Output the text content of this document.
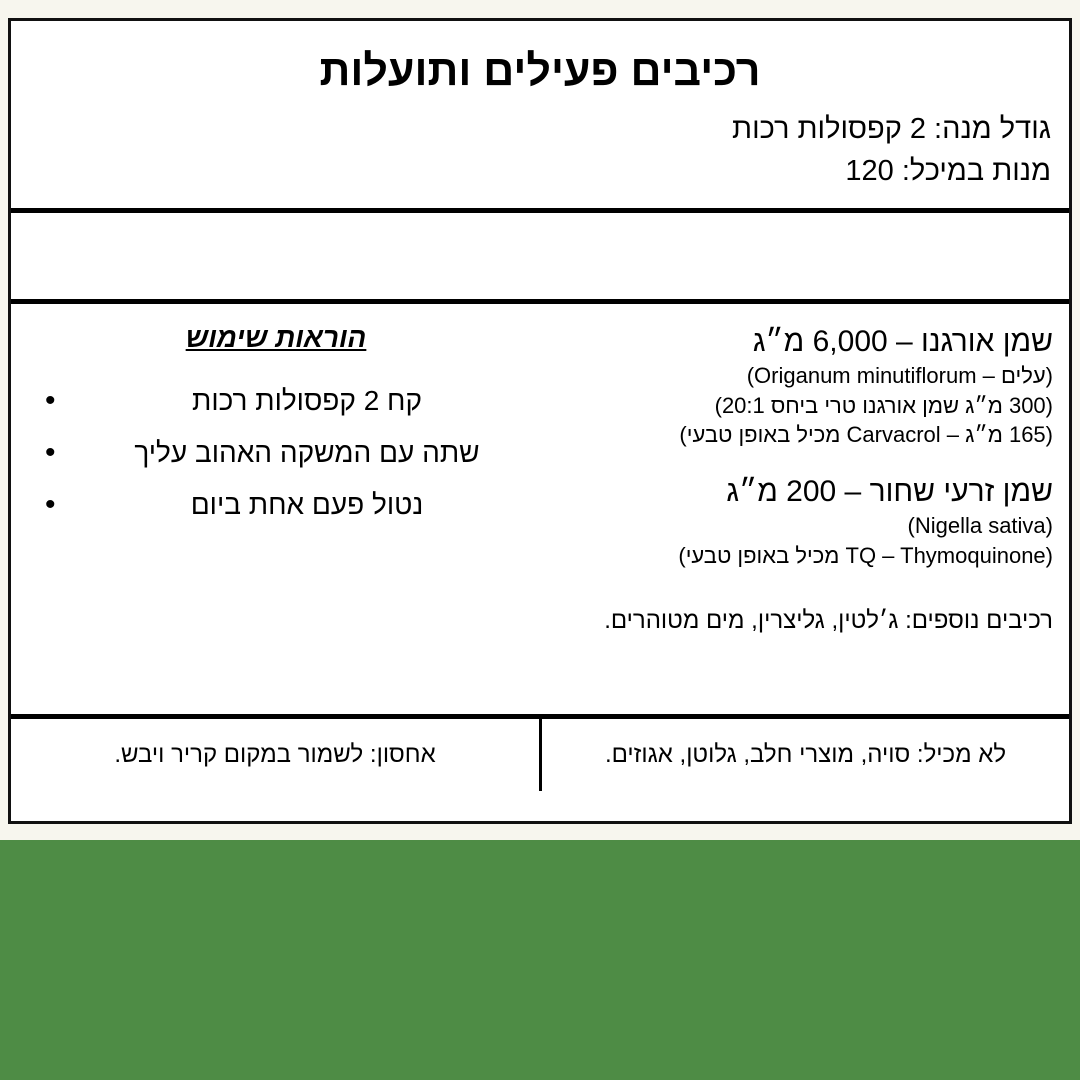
רכיבים פעילים ותועלות
גודל מנה: 2 קפסולות רכות
מנות במיכל: 120
שמן אורגנו – 6,000 מ״ג
(עלים – Origanum minutiflorum)
(300 מ״ג שמן אורגנו טרי ביחס 20:1)
(165 מ״ג – Carvacrol מכיל באופן טבעי)
שמן זרעי שחור – 200 מ״ג
(Nigella sativa)
(TQ – Thymoquinone מכיל באופן טבעי)
רכיבים נוספים: ג׳לטין, גליצרין, מים מטוהרים.
הוראות שימוש
קח 2 קפסולות רכות •
שתה עם המשקה האהוב עליך •
נטול פעם אחת ביום •
לא מכיל: סויה, מוצרי חלב, גלוטן, אגוזים.
אחסון: לשמור במקום קריר ויבש.
